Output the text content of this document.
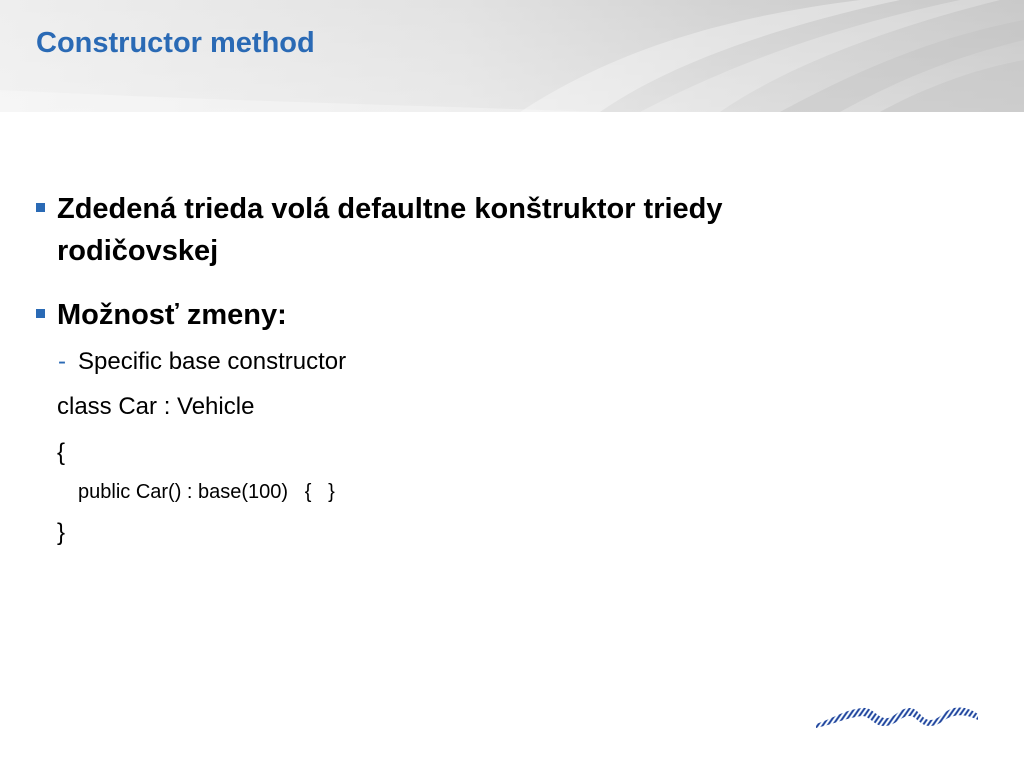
Constructor method
Zdedená trieda volá defaultne konštruktor triedy rodičovskej
Možnosť zmeny:
- Specific base constructor
class Car : Vehicle
{
public Car() : base(100)   {   }
}
